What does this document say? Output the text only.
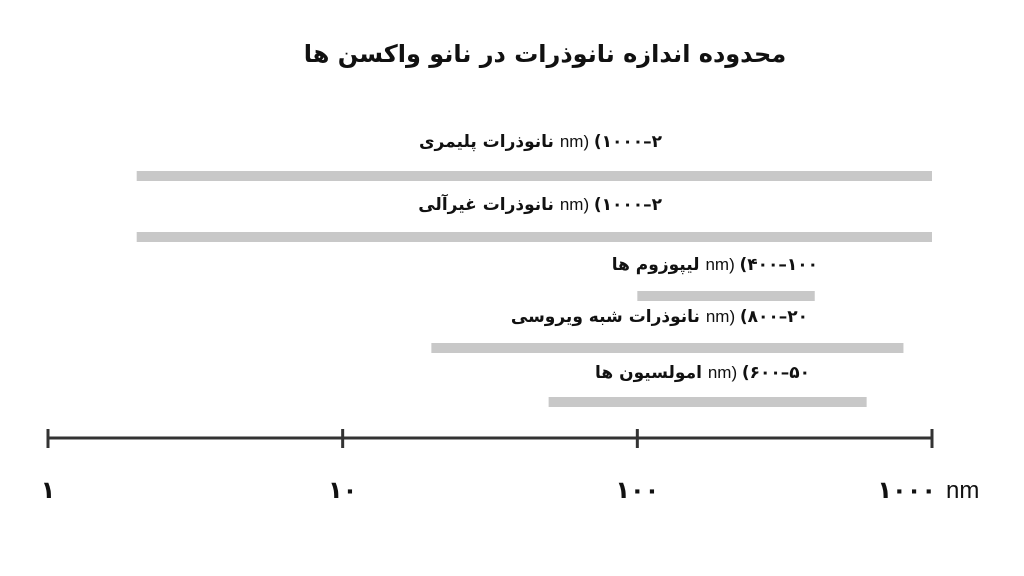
محدوده اندازه نانوذرات در نانو واکسن ها
نانوذرات پلیمری nm) (۱۰۰۰–۲
نانوذرات غیرآلی nm) (۱۰۰۰–۲
لیپوزوم ها nm) (۴۰۰–۱۰۰
نانوذرات شبه ویروسی nm) (۸۰۰–۲۰
امولسیون ها nm) (۶۰۰–۵۰
۱	۱۰	۱۰۰	۱۰۰۰ nm
